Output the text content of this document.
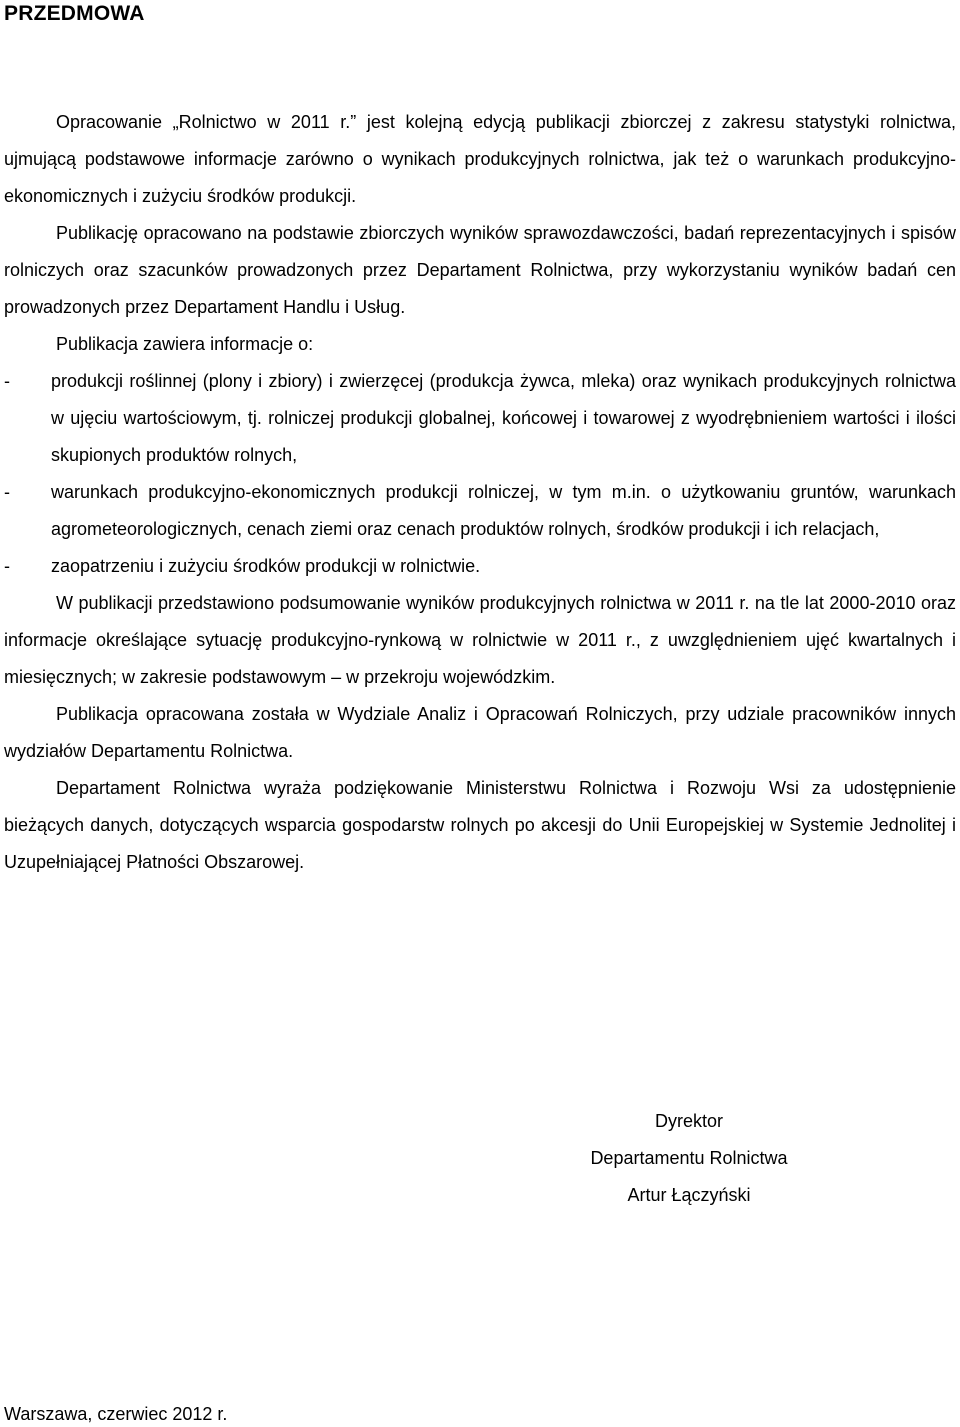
PRZEDMOWA

Opracowanie „Rolnictwo w 2011 r.” jest kolejną edycją publikacji zbiorczej z zakresu statystyki rolnictwa, ujmującą podstawowe informacje zarówno o wynikach produkcyjnych rolnictwa, jak też o warunkach produkcyjno-ekonomicznych i zużyciu środków produkcji.

Publikację opracowano na podstawie zbiorczych wyników sprawozdawczości, badań reprezentacyjnych i spisów rolniczych oraz szacunków prowadzonych przez Departament Rolnictwa, przy wykorzystaniu wyników badań cen prowadzonych przez Departament Handlu i Usług.

Publikacja zawiera informacje o:

- produkcji roślinnej (plony i zbiory) i zwierzęcej (produkcja żywca, mleka) oraz wynikach produkcyjnych rolnictwa w ujęciu wartościowym, tj. rolniczej produkcji globalnej, końcowej i towarowej z wyodrębnieniem wartości i ilości skupionych produktów rolnych,
- warunkach produkcyjno-ekonomicznych produkcji rolniczej, w tym m.in. o użytkowaniu gruntów, warunkach agrometeorologicznych, cenach ziemi oraz cenach produktów rolnych, środków produkcji i ich relacjach,
- zaopatrzeniu i zużyciu środków produkcji w rolnictwie.

W publikacji przedstawiono podsumowanie wyników produkcyjnych rolnictwa w 2011 r. na tle lat 2000-2010 oraz informacje określające sytuację produkcyjno-rynkową w rolnictwie w 2011 r., z uwzględnieniem ujęć kwartalnych i miesięcznych; w zakresie podstawowym – w przekroju wojewódzkim.

Publikacja opracowana została w Wydziale Analiz i Opracowań Rolniczych, przy udziale pracowników innych wydziałów Departamentu Rolnictwa.

Departament Rolnictwa wyraża podziękowanie Ministerstwu Rolnictwa i Rozwoju Wsi za udostępnienie bieżących danych, dotyczących wsparcia gospodarstw rolnych po akcesji do Unii Europejskiej w Systemie Jednolitej i Uzupełniającej Płatności Obszarowej.

Dyrektor
Departamentu Rolnictwa
Artur Łączyński
Warszawa, czerwiec 2012 r.
